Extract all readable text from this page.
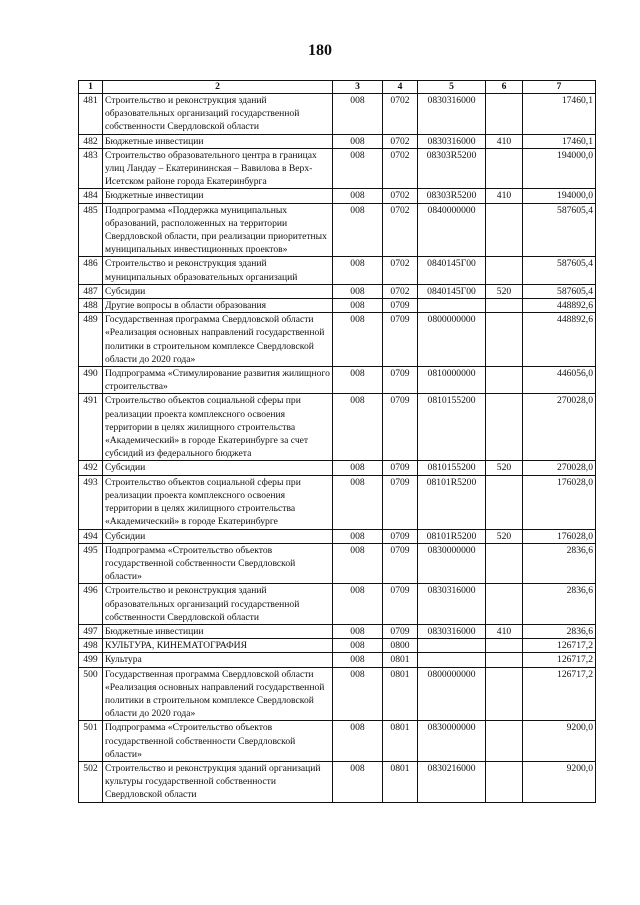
180
1	2	3	4	5	6	7
481	Строительство и реконструкция зданий образовательных организаций государственной собственности Свердловской области	008	0702	0830316000		17460,1
482	Бюджетные инвестиции	008	0702	0830316000	410	17460,1
483	Строительство образовательного центра в границах улиц Ландау – Екатерининская – Вавилова в Верх-Исетском районе города Екатеринбурга	008	0702	08303R5200		194000,0
484	Бюджетные инвестиции	008	0702	08303R5200	410	194000,0
485	Подпрограмма «Поддержка муниципальных образований, расположенных на территории Свердловской области, при реализации приоритетных муниципальных инвестиционных проектов»	008	0702	0840000000		587605,4
486	Строительство и реконструкция зданий муниципальных образовательных организаций	008	0702	0840145Г00		587605,4
487	Субсидии	008	0702	0840145Г00	520	587605,4
488	Другие вопросы в области образования	008	0709			448892,6
489	Государственная программа Свердловской области «Реализация основных направлений государственной политики в строительном комплексе Свердловской области до 2020 года»	008	0709	0800000000		448892,6
490	Подпрограмма «Стимулирование развития жилищного строительства»	008	0709	0810000000		446056,0
491	Строительство объектов социальной сферы при реализации проекта комплексного освоения территории в целях жилищного строительства «Академический» в городе Екатеринбурге за счет субсидий из федерального бюджета	008	0709	0810155200		270028,0
492	Субсидии	008	0709	0810155200	520	270028,0
493	Строительство объектов социальной сферы при реализации проекта комплексного освоения территории в целях жилищного строительства «Академический» в городе Екатеринбурге	008	0709	08101R5200		176028,0
494	Субсидии	008	0709	08101R5200	520	176028,0
495	Подпрограмма «Строительство объектов государственной собственности Свердловской области»	008	0709	0830000000		2836,6
496	Строительство и реконструкция зданий образовательных организаций государственной собственности Свердловской области	008	0709	0830316000		2836,6
497	Бюджетные инвестиции	008	0709	0830316000	410	2836,6
498	КУЛЬТУРА, КИНЕМАТОГРАФИЯ	008	0800			126717,2
499	Культура	008	0801			126717,2
500	Государственная программа Свердловской области «Реализация основных направлений государственной политики в строительном комплексе Свердловской области до 2020 года»	008	0801	0800000000		126717,2
501	Подпрограмма «Строительство объектов государственной собственности Свердловской области»	008	0801	0830000000		9200,0
502	Строительство и реконструкция зданий организаций культуры государственной собственности Свердловской области	008	0801	0830216000		9200,0
